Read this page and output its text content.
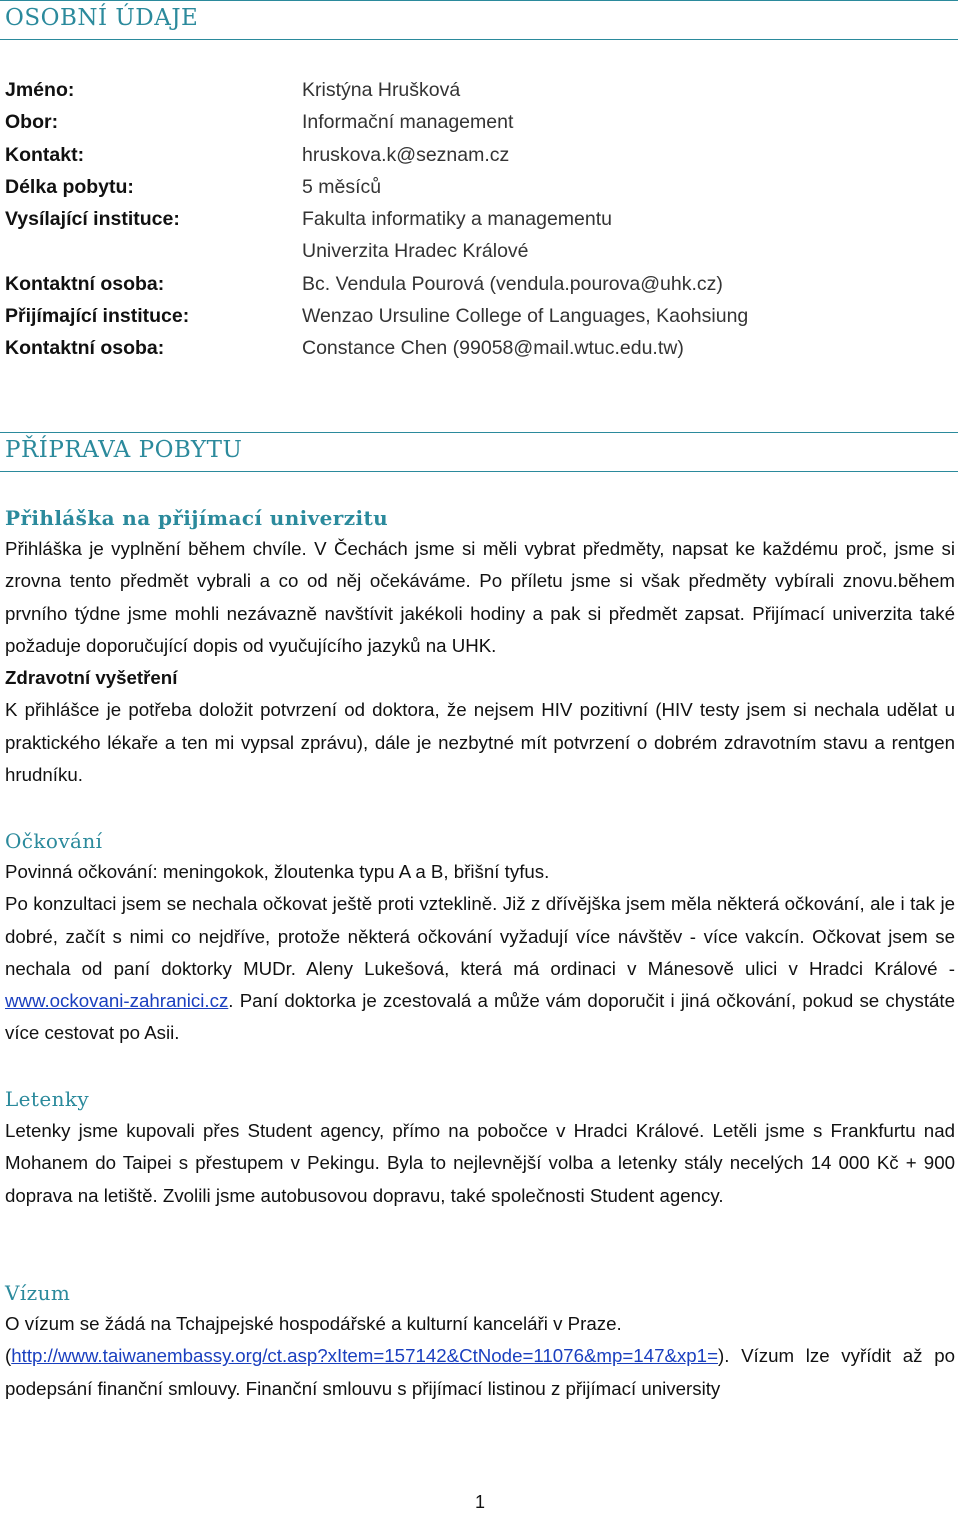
OSOBNÍ ÚDAJE
Jméno:	Kristýna Hrušková
Obor:	Informační management
Kontakt:	hruskova.k@seznam.cz
Délka pobytu:	5 měsíců
Vysílající instituce:	Fakulta informatiky a managementu
Univerzita Hradec Králové
Kontaktní osoba:	Bc. Vendula Pourová (vendula.pourova@uhk.cz)
Přijímající instituce:	Wenzao Ursuline College of Languages, Kaohsiung
Kontaktní osoba:	Constance Chen (99058@mail.wtuc.edu.tw)
PŘÍPRAVA POBYTU
Přihláška na přijímací univerzitu

Přihláška je vyplnění během chvíle. V Čechách jsme si měli vybrat předměty, napsat ke každému proč, jsme si zrovna tento předmět vybrali a co od něj očekáváme. Po příletu jsme si však předměty vybírali znovu.během prvního týdne jsme mohli nezávazně navštívit jakékoli hodiny a pak si předmět zapsat. Přijímací univerzita také požaduje doporučující dopis od vyučujícího jazyků na UHK.

Zdravotní vyšetření

K přihlášce je potřeba doložit potvrzení od doktora, že nejsem HIV pozitivní (HIV testy jsem si nechala udělat u praktického lékaře a ten mi vypsal zprávu), dále je nezbytné mít potvrzení o dobrém zdravotním stavu a rentgen hrudníku.

Očkování

Povinná očkování: meningokok, žloutenka typu A a B, břišní tyfus.

Po konzultaci jsem se nechala očkovat ještě proti vzteklině. Již z dřívějška jsem měla některá očkování, ale i tak je dobré, začít s nimi co nejdříve, protože některá očkování vyžadují více návštěv - více vakcín. Očkovat jsem se nechala od paní doktorky MUDr. Aleny Lukešová, která má ordinaci v Mánesově ulici v Hradci Králové - www.ockovani-zahranici.cz. Paní doktorka je zcestovalá a může vám doporučit i jiná očkování, pokud se chystáte více cestovat po Asii.

Letenky

Letenky jsme kupovali přes Student agency, přímo na pobočce v Hradci Králové. Letěli jsme s Frankfurtu nad Mohanem do Taipei s přestupem v Pekingu. Byla to nejlevnější volba a letenky stály necelých 14 000 Kč + 900 doprava na letiště. Zvolili jsme autobusovou dopravu, také společnosti Student agency.

Vízum

O vízum se žádá na Tchajpejské hospodářské a kulturní kanceláři v Praze.

(http://www.taiwanembassy.org/ct.asp?xItem=157142&CtNode=11076&mp=147&xp1=). Vízum lze vyřídit až po podepsání finanční smlouvy. Finanční smlouvu s přijímací listinou z přijímací university

1
